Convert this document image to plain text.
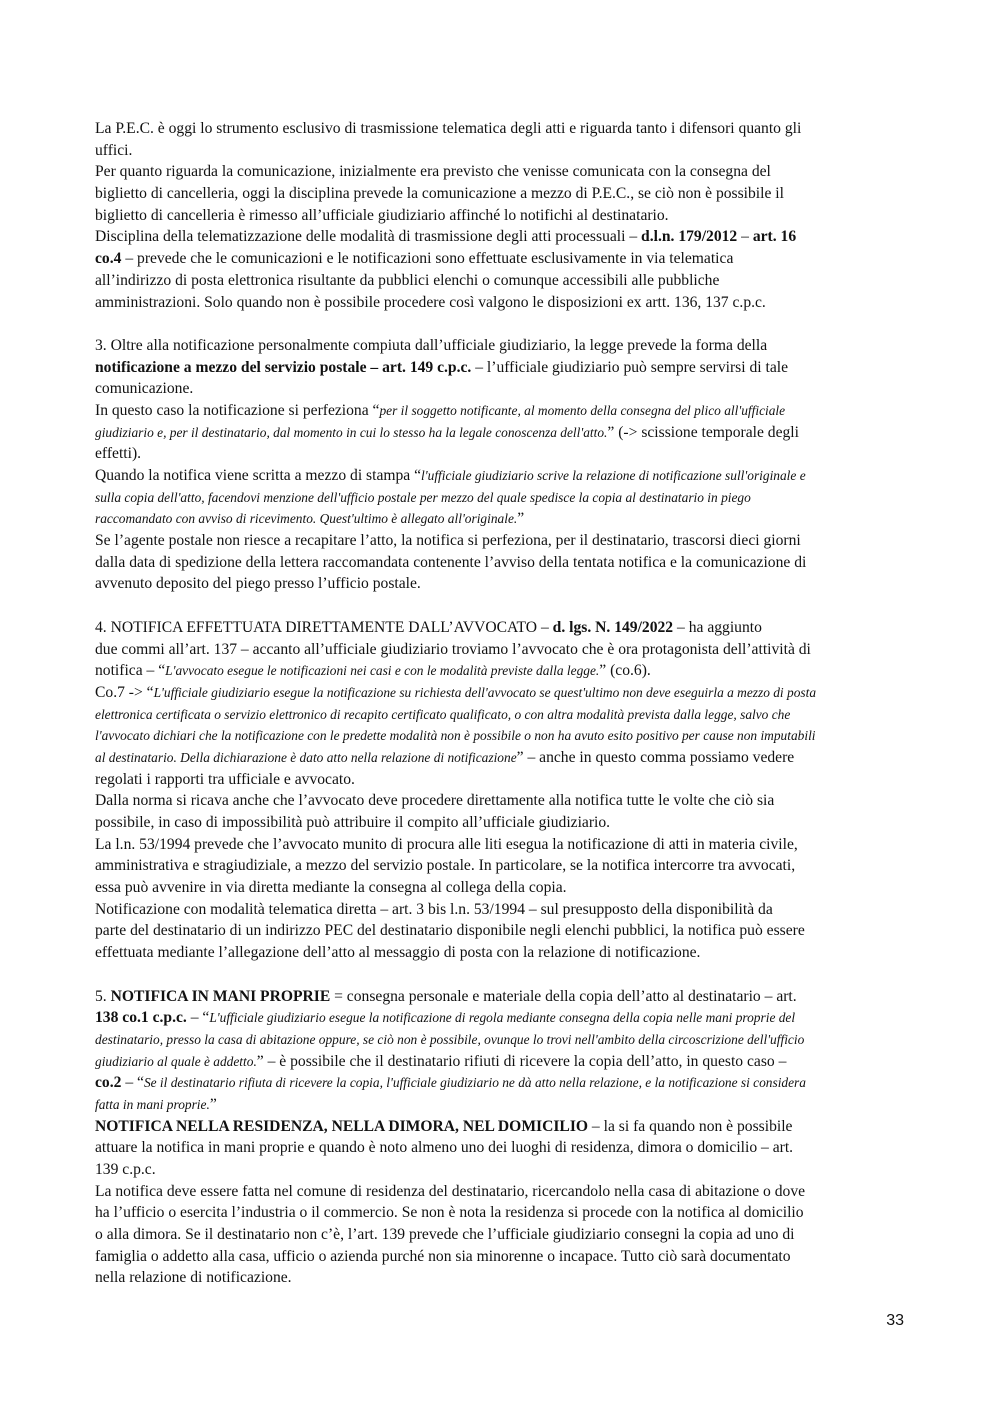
La P.E.C. è oggi lo strumento esclusivo di trasmissione telematica degli atti e riguarda tanto i difensori quanto gli
uffici.
Per quanto riguarda la comunicazione, inizialmente era previsto che venisse comunicata con la consegna del
biglietto di cancelleria, oggi la disciplina prevede la comunicazione a mezzo di P.E.C., se ciò non è possibile il
biglietto di cancelleria è rimesso all’ufficiale giudiziario affinché lo notifichi al destinatario.
Disciplina della telematizzazione delle modalità di trasmissione degli atti processuali – d.l.n. 179/2012 – art. 16
co.4 – prevede che le comunicazioni e le notificazioni sono effettuate esclusivamente in via telematica
all’indirizzo di posta elettronica risultante da pubblici elenchi o comunque accessibili alle pubbliche
amministrazioni. Solo quando non è possibile procedere così valgono le disposizioni ex artt. 136, 137 c.p.c.
3. Oltre alla notificazione personalmente compiuta dall’ufficiale giudiziario, la legge prevede la forma della
notificazione a mezzo del servizio postale – art. 149 c.p.c. – l’ufficiale giudiziario può sempre servirsi di tale
comunicazione.
In questo caso la notificazione si perfeziona “per il soggetto notificante, al momento della consegna del plico all'ufficiale
giudiziario e, per il destinatario, dal momento in cui lo stesso ha la legale conoscenza dell'atto.” (-> scissione temporale degli
effetti).
Quando la notifica viene scritta a mezzo di stampa “l'ufficiale giudiziario scrive la relazione di notificazione sull'originale e
sulla copia dell'atto, facendovi menzione dell'ufficio postale per mezzo del quale spedisce la copia al destinatario in piego
raccomandato con avviso di ricevimento. Quest'ultimo è allegato all'originale.”
Se l’agente postale non riesce a recapitare l’atto, la notifica si perfeziona, per il destinatario, trascorsi dieci giorni
dalla data di spedizione della lettera raccomandata contenente l’avviso della tentata notifica e la comunicazione di
avvenuto deposito del piego presso l’ufficio postale.
4. NOTIFICA EFFETTUATA DIRETTAMENTE DALL’AVVOCATO – d. lgs. N. 149/2022 – ha aggiunto
due commi all’art. 137 – accanto all’ufficiale giudiziario troviamo l’avvocato che è ora protagonista dell’attività di
notifica – “L'avvocato esegue le notificazioni nei casi e con le modalità previste dalla legge.” (co.6).
Co.7 -> “L'ufficiale giudiziario esegue la notificazione su richiesta dell'avvocato se quest'ultimo non deve eseguirla a mezzo di posta
elettronica certificata o servizio elettronico di recapito certificato qualificato, o con altra modalità prevista dalla legge, salvo che
l'avvocato dichiari che la notificazione con le predette modalità non è possibile o non ha avuto esito positivo per cause non imputabili
al destinatario. Della dichiarazione è dato atto nella relazione di notificazione” – anche in questo comma possiamo vedere
regolati i rapporti tra ufficiale e avvocato.
Dalla norma si ricava anche che l’avvocato deve procedere direttamente alla notifica tutte le volte che ciò sia
possibile, in caso di impossibilità può attribuire il compito all’ufficiale giudiziario.
La l.n. 53/1994 prevede che l’avvocato munito di procura alle liti esegua la notificazione di atti in materia civile,
amministrativa e stragiudiziale, a mezzo del servizio postale. In particolare, se la notifica intercorre tra avvocati,
essa può avvenire in via diretta mediante la consegna al collega della copia.
Notificazione con modalità telematica diretta – art. 3 bis l.n. 53/1994 – sul presupposto della disponibilità da
parte del destinatario di un indirizzo PEC del destinatario disponibile negli elenchi pubblici, la notifica può essere
effettuata mediante l’allegazione dell’atto al messaggio di posta con la relazione di notificazione.
5. NOTIFICA IN MANI PROPRIE = consegna personale e materiale della copia dell’atto al destinatario – art.
138 co.1 c.p.c. – “L'ufficiale giudiziario esegue la notificazione di regola mediante consegna della copia nelle mani proprie del
destinatario, presso la casa di abitazione oppure, se ciò non è possibile, ovunque lo trovi nell'ambito della circoscrizione dell'ufficio
giudiziario al quale è addetto.” – è possibile che il destinatario rifiuti di ricevere la copia dell’atto, in questo caso –
co.2 – “Se il destinatario rifiuta di ricevere la copia, l'ufficiale giudiziario ne dà atto nella relazione, e la notificazione si considera
fatta in mani proprie.”
NOTIFICA NELLA RESIDENZA, NELLA DIMORA, NEL DOMICILIO – la si fa quando non è possibile
attuare la notifica in mani proprie e quando è noto almeno uno dei luoghi di residenza, dimora o domicilio – art.
139 c.p.c.
La notifica deve essere fatta nel comune di residenza del destinatario, ricercandolo nella casa di abitazione o dove
ha l’ufficio o esercita l’industria o il commercio. Se non è nota la residenza si procede con la notifica al domicilio
o alla dimora. Se il destinatario non c’è, l’art. 139 prevede che l’ufficiale giudiziario consegni la copia ad uno di
famiglia o addetto alla casa, ufficio o azienda purché non sia minorenne o incapace. Tutto ciò sarà documentato
nella relazione di notificazione.
33
